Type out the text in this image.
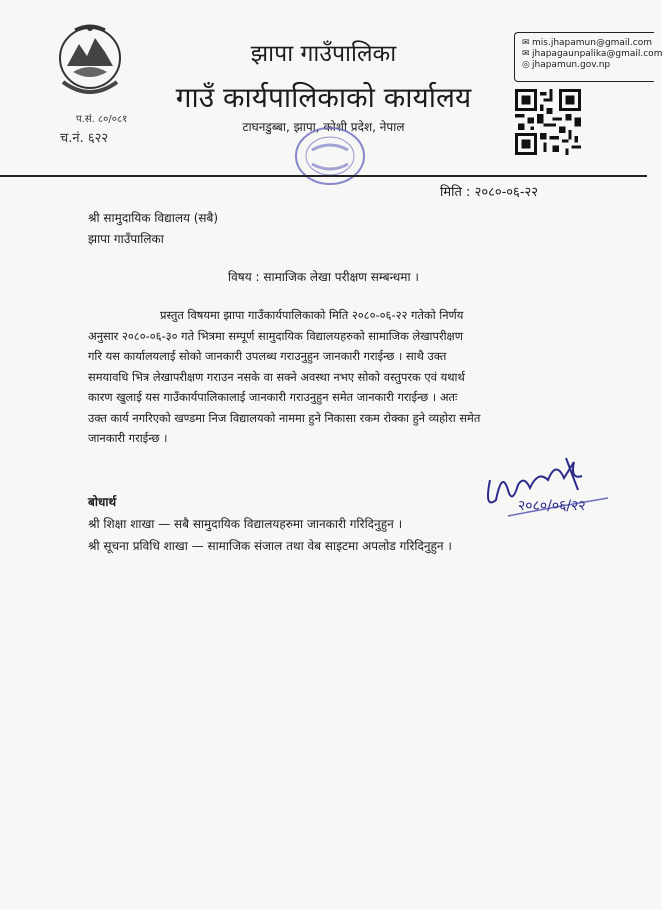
प.सं. ८०/०८१
च.नं. ६२२
झापा गाउँपालिका
गाउँ कार्यपालिकाको कार्यालय
टाघनडुब्बा, झापा, कोशी प्रदेश, नेपाल
✉ mis.jhapamun@gmail.com
✉ jhapagaunpalika@gmail.com
◎ jhapamun.gov.np
मिति : २०८०-०६-२२
श्री सामुदायिक विद्यालय (सबै)
झापा गाउँपालिका
विषय : सामाजिक लेखा परीक्षण सम्बन्धमा ।
प्रस्तुत विषयमा झापा गाउँकार्यपालिकाको मिति २०८०-०६-२२ गतेको निर्णय
अनुसार २०८०-०६-३० गते भित्रमा सम्पूर्ण सामुदायिक विद्यालयहरुको सामाजिक लेखापरीक्षण
गरि यस कार्यालयलाई सोको जानकारी उपलब्ध गराउनुहुन जानकारी गराईन्छ । साथै उक्त
समयावधि भित्र लेखापरीक्षण गराउन नसके वा सक्ने अवस्था नभए सोको वस्तुपरक एवं यथार्थ
कारण खुलाई यस गाउँकार्यपालिकालाई जानकारी गराउनुहुन समेत जानकारी गराईन्छ । अतः
उक्त कार्य नगरिएको खण्डमा निज विद्यालयको नाममा हुने निकासा रकम रोक्का हुने व्यहोरा समेत
जानकारी गराईन्छ ।
२०८०/०६/२२
बोधार्थ
श्री शिक्षा शाखा — सबै सामुदायिक विद्यालयहरुमा जानकारी गरिदिनुहुन ।
श्री सूचना प्रविधि शाखा — सामाजिक संजाल तथा वेब साइटमा अपलोड गरिदिनुहुन ।
